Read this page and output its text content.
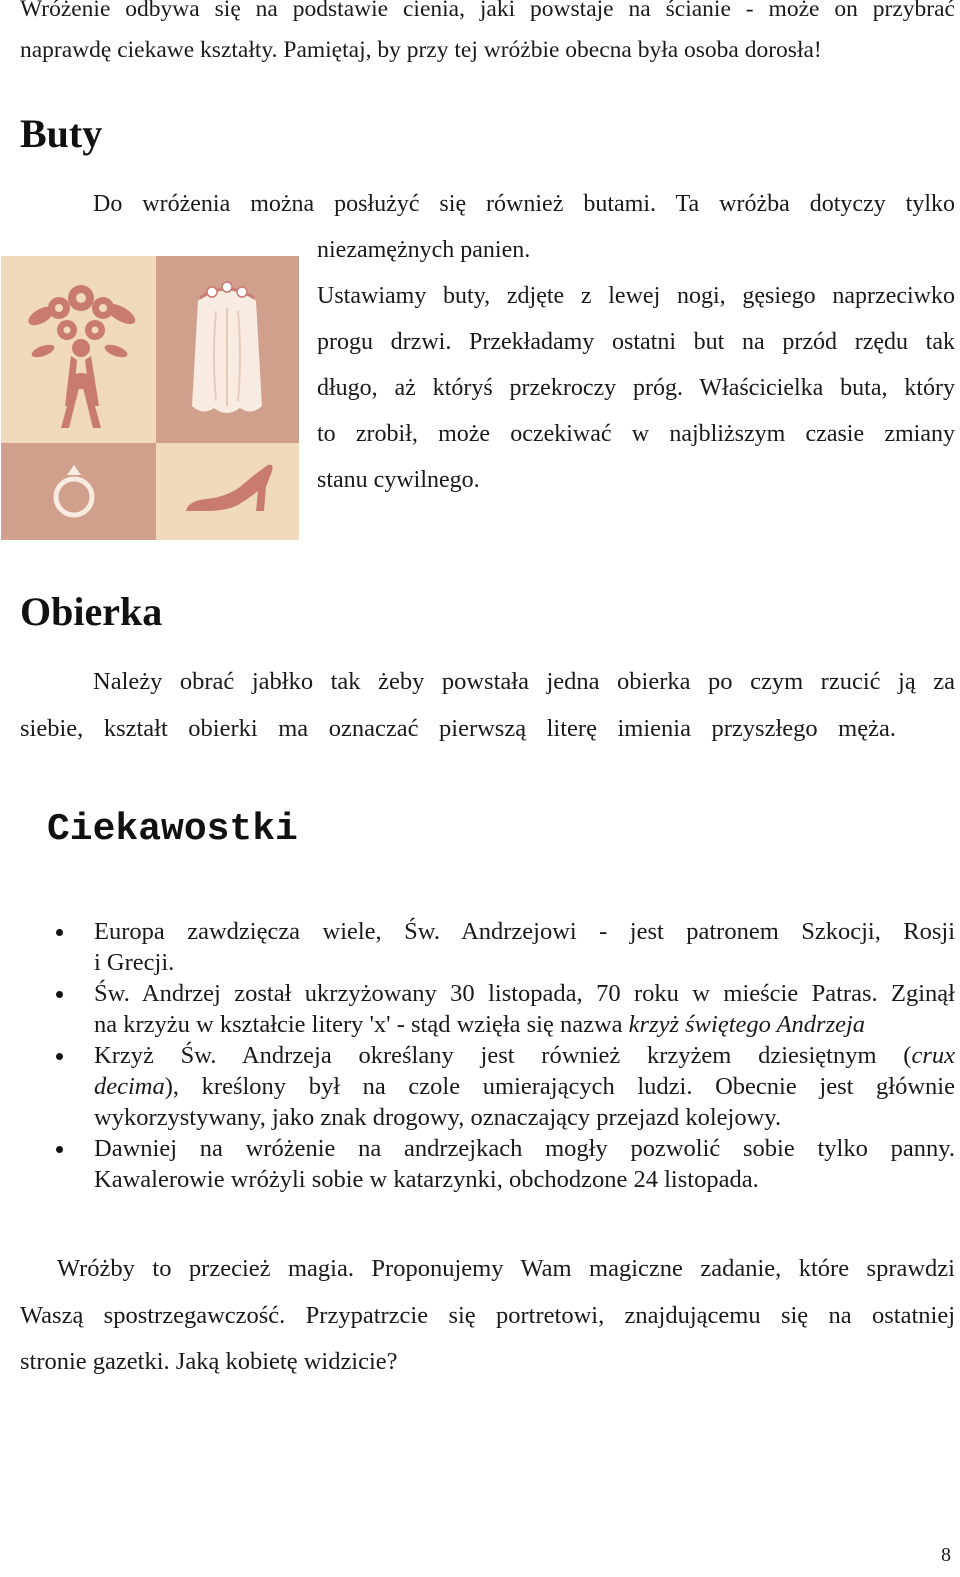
Wróżenie odbywa się na podstawie cienia, jaki powstaje na ścianie - może on przybrać
naprawdę ciekawe kształty. Pamiętaj, by przy tej wróżbie obecna była osoba dorosła!
Buty
Do wróżenia można posłużyć się również butami. Ta wróżba dotyczy tylko
niezamężnych panien.
Ustawiamy buty, zdjęte z lewej nogi, gęsiego naprzeciwko
progu drzwi. Przekładamy ostatni but na przód rzędu tak
długo, aż któryś przekroczy próg. Właścicielka buta, który
to zrobił, może oczekiwać w najbliższym czasie zmiany
stanu cywilnego.
Obierka
Należy obrać jabłko tak żeby powstała jedna obierka po czym rzucić ją za
siebie, kształt obierki ma oznaczać pierwszą literę imienia przyszłego męża.
Ciekawostki
Europa zawdzięcza wiele, Św. Andrzejowi - jest patronem Szkocji, Rosji
i Grecji.
Św. Andrzej został ukrzyżowany 30 listopada, 70 roku w mieście Patras. Zginął
na krzyżu w kształcie litery 'x' - stąd wzięła się nazwa krzyż świętego Andrzeja
Krzyż Św. Andrzeja określany jest również krzyżem dziesiętnym (crux
decima), kreślony był na czole umierających ludzi. Obecnie jest głównie
wykorzystywany, jako znak drogowy, oznaczający przejazd kolejowy.
Dawniej na wróżenie na andrzejkach mogły pozwolić sobie tylko panny.
Kawalerowie wróżyli sobie w katarzynki, obchodzone 24 listopada.
Wróżby to przecież magia. Proponujemy Wam magiczne zadanie, które sprawdzi
Waszą spostrzegawczość. Przypatrzcie się portretowi, znajdującemu się na ostatniej
stronie gazetki. Jaką kobietę widzicie?
8
